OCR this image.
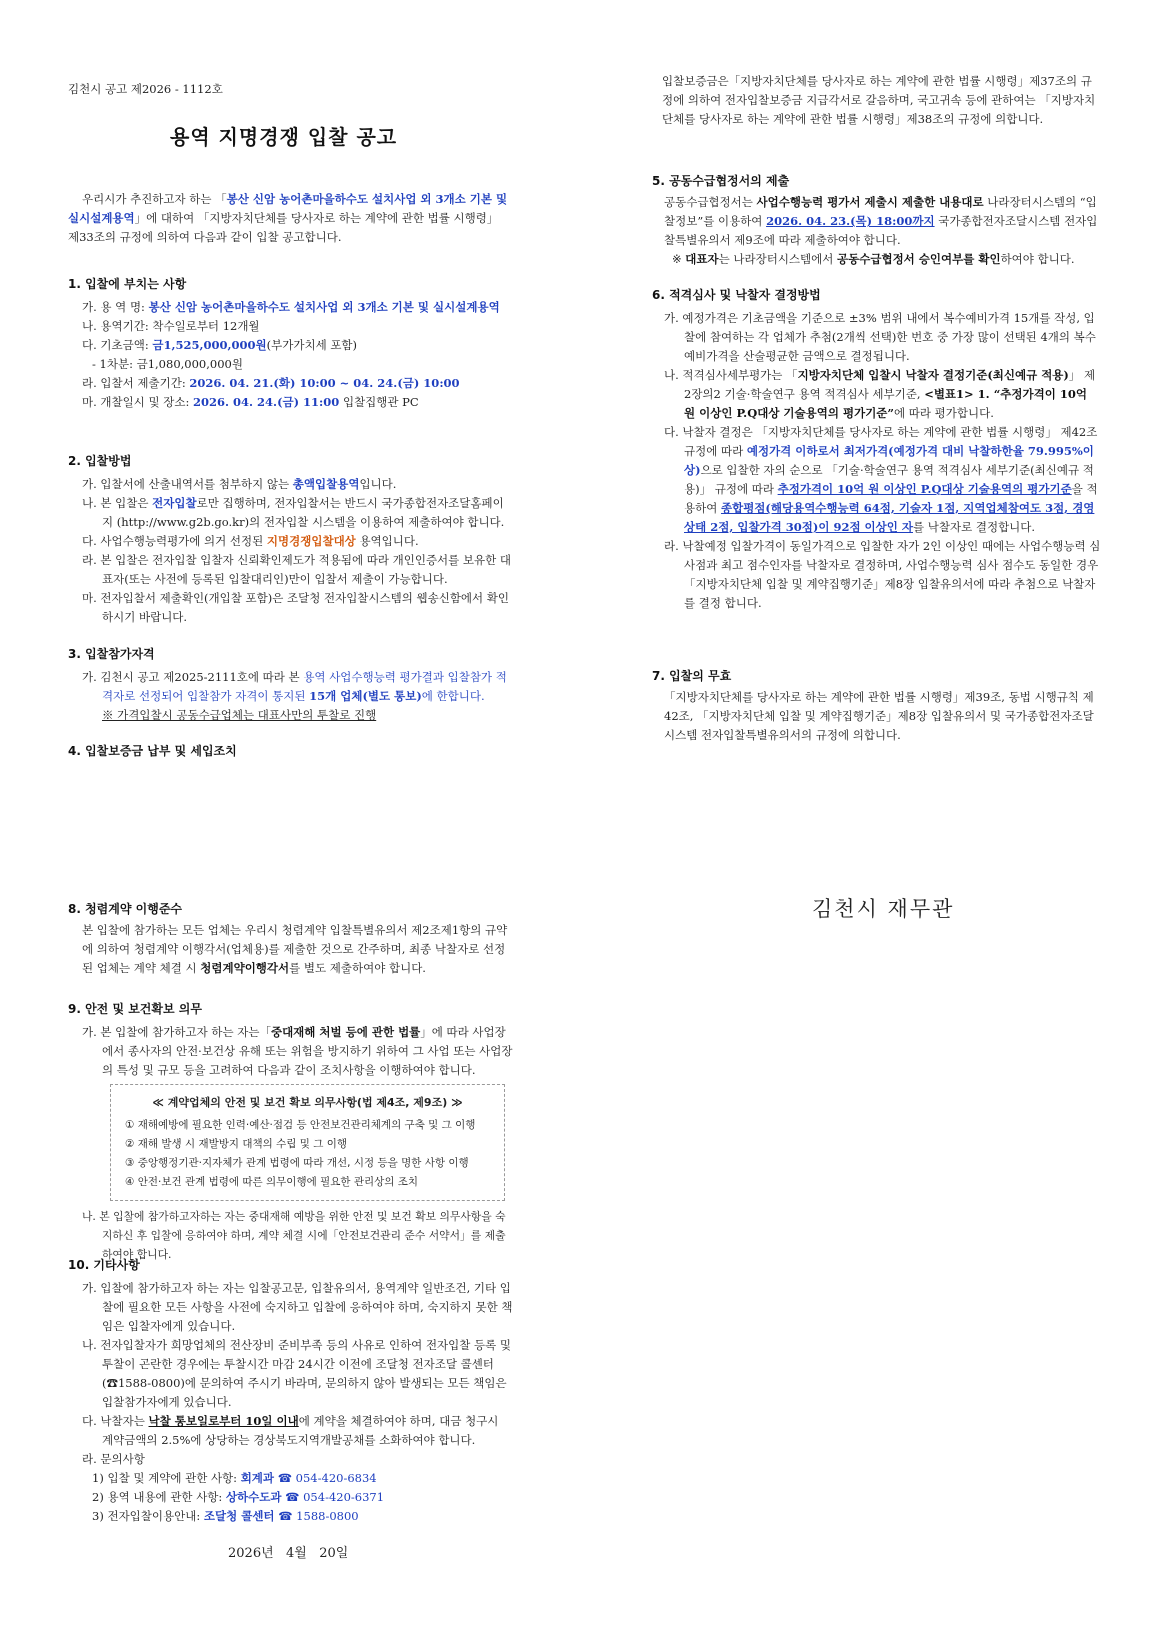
김천시 공고 제2026 - 1112호
용역 지명경쟁 입찰 공고
우리시가 추진하고자 하는 「봉산 신암 농어촌마을하수도 설치사업 외 3개소 기본 및 실시설계용역」에 대하여 「지방자치단체를 당사자로 하는 계약에 관한 법률 시행령」 제33조의 규정에 의하여 다음과 같이 입찰 공고합니다.
1. 입찰에 부치는 사항

가. 용 역 명: 봉산 신암 농어촌마을하수도 설치사업 외 3개소 기본 및 실시설계용역

나. 용역기간: 착수일로부터 12개월

다. 기초금액: 금1,525,000,000원(부가가치세 포함)

- 1차분: 금1,080,000,000원

라. 입찰서 제출기간: 2026. 04. 21.(화) 10:00 ~ 04. 24.(금) 10:00

마. 개찰일시 및 장소: 2026. 04. 24.(금) 11:00 입찰집행관 PC

2. 입찰방법

가. 입찰서에 산출내역서를 첨부하지 않는 총액입찰용역입니다.

나. 본 입찰은 전자입찰로만 집행하며, 전자입찰서는 반드시 국가종합전자조달홈페이지 (http://www.g2b.go.kr)의 전자입찰 시스템을 이용하여 제출하여야 합니다.

다. 사업수행능력평가에 의거 선정된 지명경쟁입찰대상 용역입니다.

라. 본 입찰은 전자입찰 입찰자 신뢰확인제도가 적용됨에 따라 개인인증서를 보유한 대표자(또는 사전에 등록된 입찰대리인)만이 입찰서 제출이 가능합니다.

마. 전자입찰서 제출확인(개입찰 포함)은 조달청 전자입찰시스템의 웹송신함에서 확인하시기 바랍니다.

3. 입찰참가자격

가. 김천시 공고 제2025-2111호에 따라 본 용역 사업수행능력 평가결과 입찰참가 적격자로 선정되어 입찰참가 자격이 통지된 15개 업체(별도 통보)에 한합니다.

※ 가격입찰시 공동수급업체는 대표사만의 투찰로 진행

4. 입찰보증금 납부 및 세입조치
입찰보증금은「지방자치단체를 당사자로 하는 계약에 관한 법률 시행령」제37조의 규정에 의하여 전자입찰보증금 지급각서로 갈음하며, 국고귀속 등에 관하여는 「지방자치단체를 당사자로 하는 계약에 관한 법률 시행령」제38조의 규정에 의합니다.
5. 공동수급협정서의 제출

공동수급협정서는 사업수행능력 평가서 제출시 제출한 내용대로 나라장터시스템의 “입찰정보”를 이용하여 2026. 04. 23.(목) 18:00까지 국가종합전자조달시스템 전자입찰특별유의서 제9조에 따라 제출하여야 합니다.

※ 대표자는 나라장터시스템에서 공동수급협정서 승인여부를 확인하여야 합니다.

6. 적격심사 및 낙찰자 결정방법

가. 예정가격은 기초금액을 기준으로 ±3% 범위 내에서 복수예비가격 15개를 작성, 입찰에 참여하는 각 업체가 추첨(2개씩 선택)한 번호 중 가장 많이 선택된 4개의 복수예비가격을 산술평균한 금액으로 결정됩니다.

나. 적격심사세부평가는 「지방자치단체 입찰시 낙찰자 결정기준(최신예규 적용)」 제2장의2 기술·학술연구 용역 적격심사 세부기준, <별표1> 1. “추정가격이 10억 원 이상인 P.Q대상 기술용역의 평가기준”에 따라 평가합니다.

다. 낙찰자 결정은 「지방자치단체를 당사자로 하는 계약에 관한 법률 시행령」 제42조 규정에 따라 예정가격 이하로서 최저가격(예정가격 대비 낙찰하한율 79.995%이상)으로 입찰한 자의 순으로 「기술·학술연구 용역 적격심사 세부기준(최신예규 적용)」 규정에 따라 추정가격이 10억 원 이상인 P.Q대상 기술용역의 평가기준을 적용하여 종합평점(해당용역수행능력 64점, 기술자 1점, 지역업체참여도 3점, 경영상태 2점, 입찰가격 30점)이 92점 이상인 자를 낙찰자로 결정합니다.

라. 낙찰예정 입찰가격이 동일가격으로 입찰한 자가 2인 이상인 때에는 사업수행능력 심사점과 최고 점수인자를 낙찰자로 결정하며, 사업수행능력 심사 점수도 동일한 경우「지방자치단체 입찰 및 계약집행기준」제8장 입찰유의서에 따라 추첨으로 낙찰자를 결정 합니다.

7. 입찰의 무효

「지방자치단체를 당사자로 하는 계약에 관한 법률 시행령」제39조, 동법 시행규칙 제42조, 「지방자치단체 입찰 및 계약집행기준」제8장 입찰유의서 및 국가종합전자조달시스템 전자입찰특별유의서의 규정에 의합니다.

김천시 재무관
8. 청렴계약 이행준수

본 입찰에 참가하는 모든 업체는 우리시 청렴계약 입찰특별유의서 제2조제1항의 규약에 의하여 청렴계약 이행각서(업체용)를 제출한 것으로 간주하며, 최종 낙찰자로 선정된 업체는 계약 체결 시 청렴계약이행각서를 별도 제출하여야 합니다.

9. 안전 및 보건확보 의무

가. 본 입찰에 참가하고자 하는 자는「중대재해 처벌 등에 관한 법률」에 따라 사업장에서 종사자의 안전·보건상 유해 또는 위험을 방지하기 위하여 그 사업 또는 사업장의 특성 및 규모 등을 고려하여 다음과 같이 조치사항을 이행하여야 합니다.

≪ 계약업체의 안전 및 보건 확보 의무사항(법 제4조, 제9조) ≫
① 재해예방에 필요한 인력·예산·점검 등 안전보건관리체계의 구축 및 그 이행
② 재해 발생 시 재발방지 대책의 수립 및 그 이행
③ 중앙행정기관·지자체가 관계 법령에 따라 개선, 시정 등을 명한 사항 이행
④ 안전·보건 관계 법령에 따른 의무이행에 필요한 관리상의 조치

나. 본 입찰에 참가하고자하는 자는 중대재해 예방을 위한 안전 및 보건 확보 의무사항을 숙지하신 후 입찰에 응하여야 하며, 계약 체결 시에「안전보건관리 준수 서약서」를 제출하여야 합니다.

10. 기타사항

가. 입찰에 참가하고자 하는 자는 입찰공고문, 입찰유의서, 용역계약 일반조건, 기타 입찰에 필요한 모든 사항을 사전에 숙지하고 입찰에 응하여야 하며, 숙지하지 못한 책임은 입찰자에게 있습니다.

나. 전자입찰자가 희망업체의 전산장비 준비부족 등의 사유로 인하여 전자입찰 등록 및 투찰이 곤란한 경우에는 투찰시간 마감 24시간 이전에 조달청 전자조달 콜센터 (☎1588-0800)에 문의하여 주시기 바라며, 문의하지 않아 발생되는 모든 책임은 입찰참가자에게 있습니다.

다. 낙찰자는 낙찰 통보일로부터 10일 이내에 계약을 체결하여야 하며, 대금 청구시 계약금액의 2.5%에 상당하는 경상북도지역개발공채를 소화하여야 합니다.

라. 문의사항

1) 입찰 및 계약에 관한 사항: 회계과 ☎ 054-420-6834

2) 용역 내용에 관한 사항: 상하수도과 ☎ 054-420-6371

3) 전자입찰이용안내: 조달청 콜센터 ☎ 1588-0800

2026년   4월   20일
